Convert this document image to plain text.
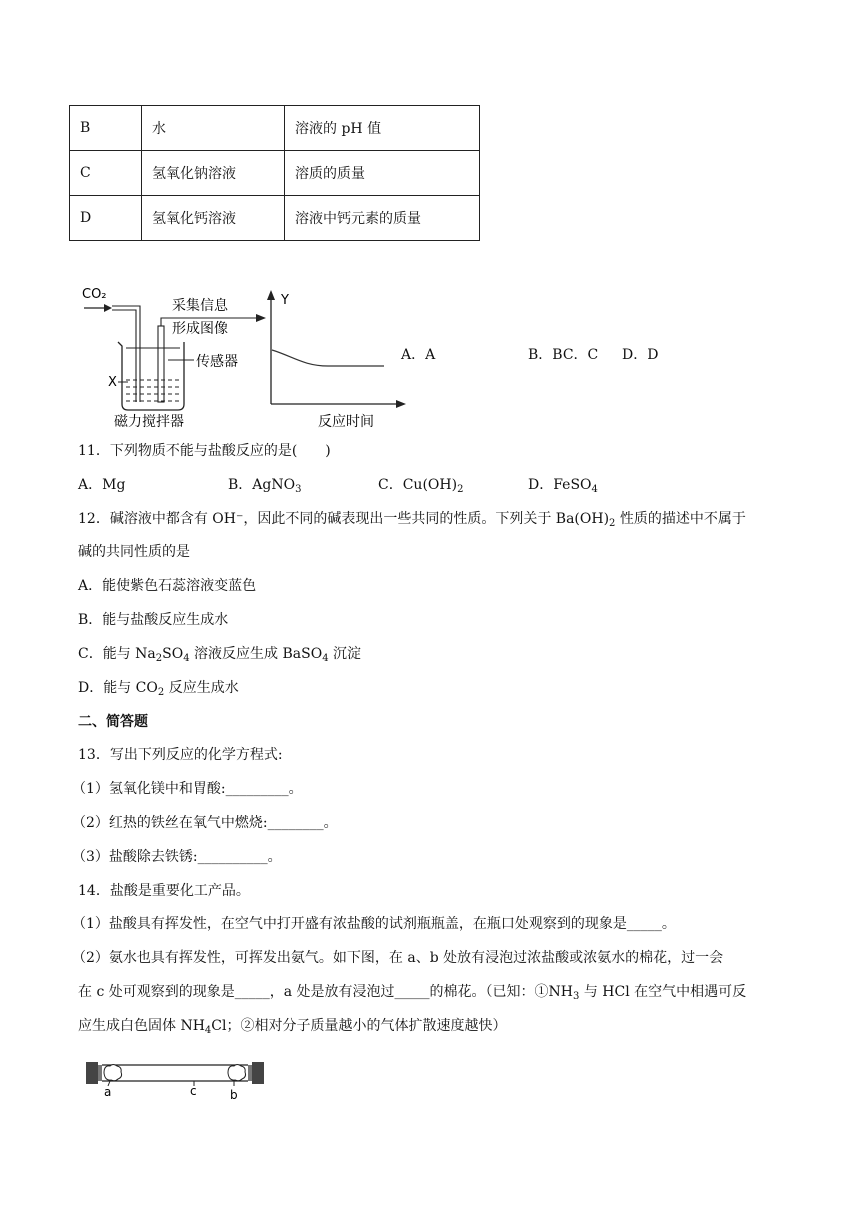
B	水	溶液的 pH 值
C	氢氧化钠溶液	溶质的质量
D	氢氧化钙溶液	溶液中钙元素的质量
CO₂
采集信息
形成图像
传感器
X
磁力搅拌器
Y
反应时间
A．A	B．BC．C D．D
11．下列物质不能与盐酸反应的是(　　)
A．Mg	B．AgNO$_3$	C．$Cu(OH)_2$	D．FeSO$_4$
12．碱溶液中都含有 OH⁻，因此不同的碱表现出一些共同的性质。下列关于 $Ba(OH)_2$ 性质的描述中不属于
碱的共同性质的是
A．能使紫色石蕊溶液变蓝色
B．能与盐酸反应生成水
C．能与 $Na_2SO_4$ 溶液反应生成 BaSO$_4$ 沉淀
D．能与 $CO_2$ 反应生成水
二、简答题
13．写出下列反应的化学方程式:
（1）氢氧化镁中和胃酸:_________。
（2）红热的铁丝在氧气中燃烧:________。
（3）盐酸除去铁锈:__________。
14．盐酸是重要化工产品。
（1）盐酸具有挥发性，在空气中打开盛有浓盐酸的试剂瓶瓶盖，在瓶口处观察到的现象是_____。
（2）氨水也具有挥发性，可挥发出氨气。如下图，在 a、b 处放有浸泡过浓盐酸或浓氨水的棉花，过一会
在 c 处可观察到的现象是_____，a 处是放有浸泡过_____的棉花。（已知：$①NH_3$ 与 HCl 在空气中相遇可反
应生成白色固体 $NH_4Cl$；②相对分子质量越小的气体扩散速度越快）
a	c	b
